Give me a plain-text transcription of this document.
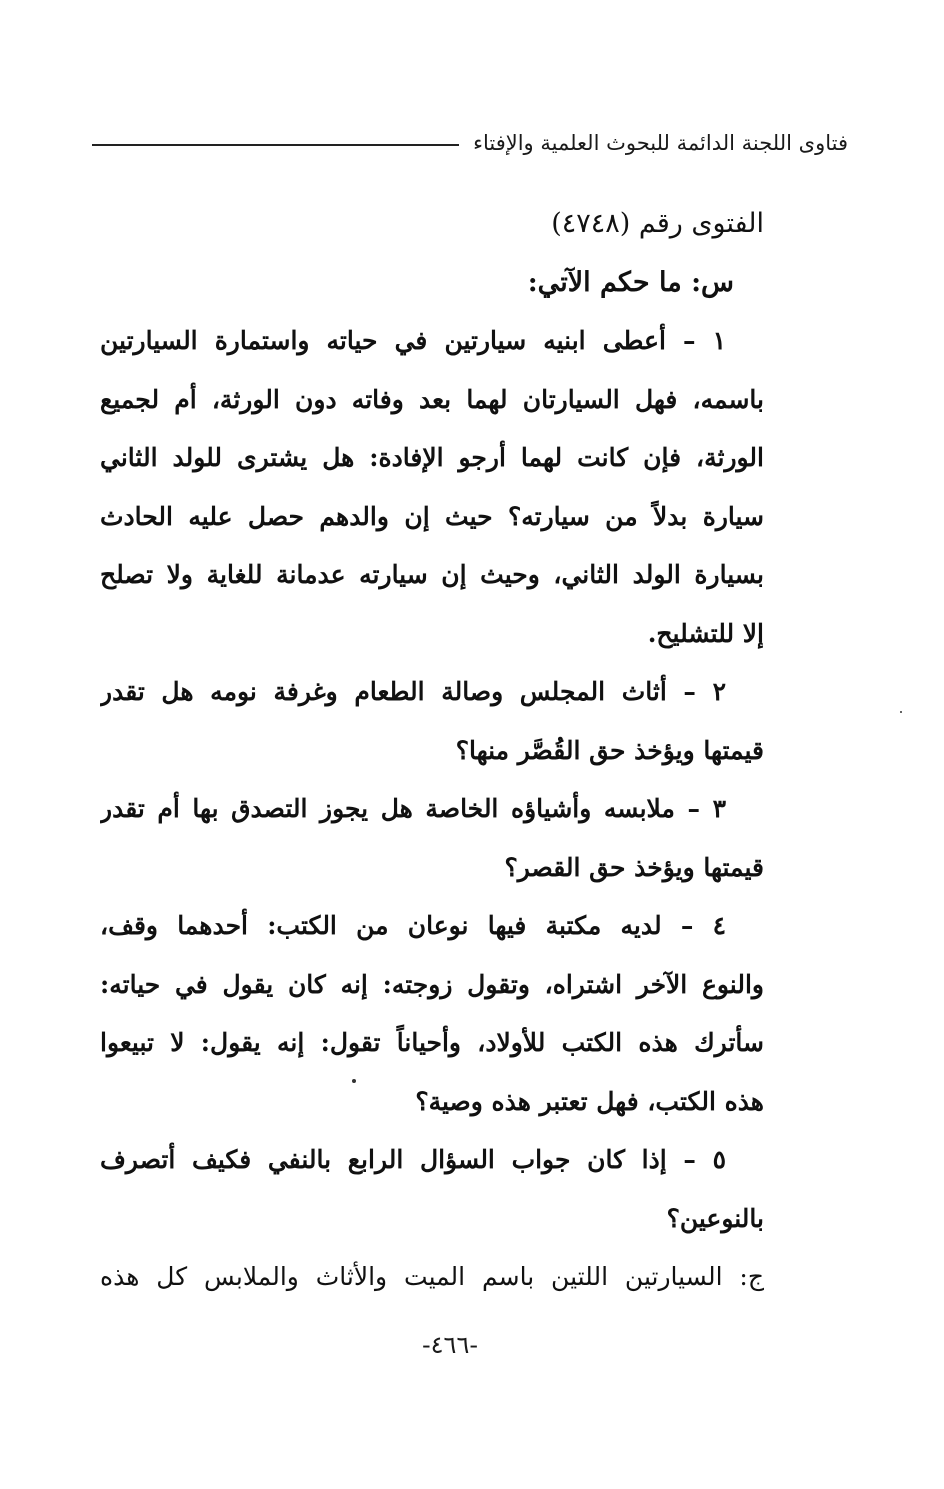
فتاوى اللجنة الدائمة للبحوث العلمية والإفتاء
الفتوى رقم (٤٧٤٨)
س: ما حكم الآتي:
١ – أعطى ابنيه سيارتين في حياته واستمارة السيارتين
باسمه، فهل السيارتان لهما بعد وفاته دون الورثة، أم لجميع
الورثة، فإن كانت لهما أرجو الإفادة: هل يشترى للولد الثاني
سيارة بدلاً من سيارته؟ حيث إن والدهم حصل عليه الحادث
بسيارة الولد الثاني، وحيث إن سيارته عدمانة للغاية ولا تصلح
إلا للتشليح.
٢ – أثاث المجلس وصالة الطعام وغرفة نومه هل تقدر
قيمتها ويؤخذ حق القُصَّر منها؟
٣ – ملابسه وأشياؤه الخاصة هل يجوز التصدق بها أم تقدر
قيمتها ويؤخذ حق القصر؟
٤ – لديه مكتبة فيها نوعان من الكتب: أحدهما وقف،
والنوع الآخر اشتراه، وتقول زوجته: إنه كان يقول في حياته:
سأترك هذه الكتب للأولاد، وأحياناً تقول: إنه يقول: لا تبيعوا
هذه الكتب، فهل تعتبر هذه وصية؟
٥ – إذا كان جواب السؤال الرابع بالنفي فكيف أتصرف
بالنوعين؟
ج: السيارتين اللتين باسم الميت والأثاث والملابس كل هذه
-٤٦٦-
